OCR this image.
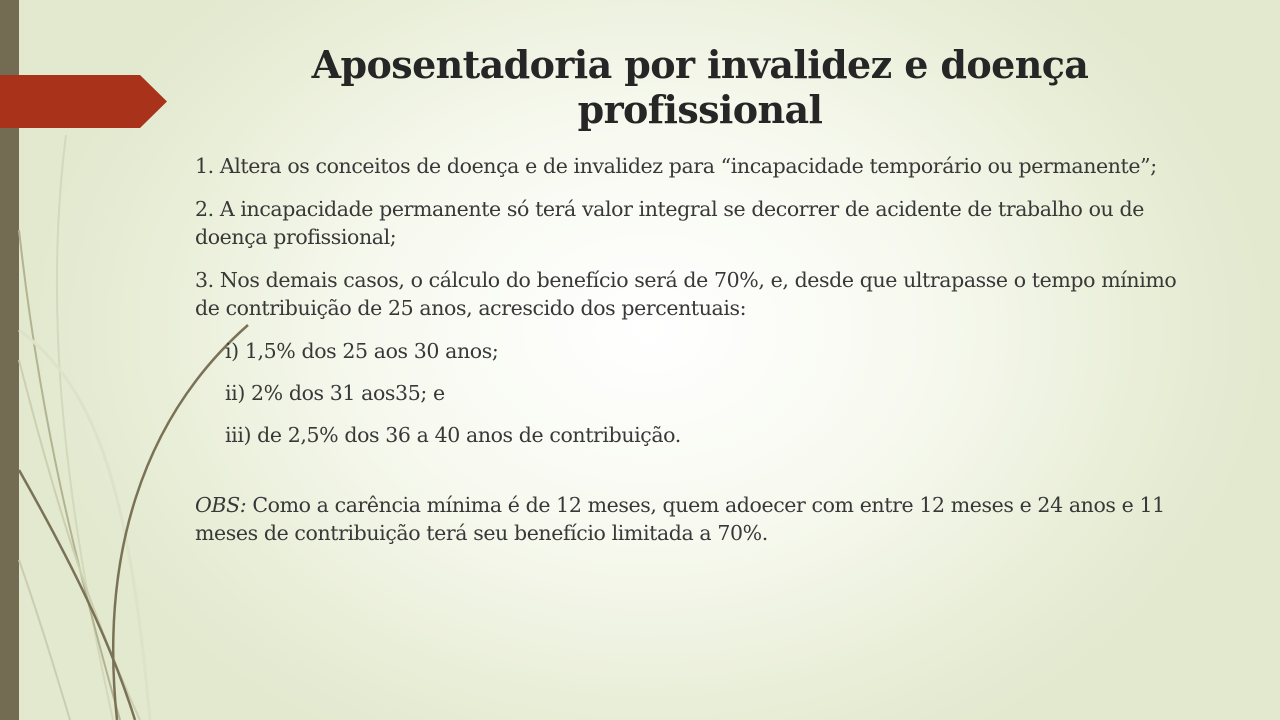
Aposentadoria por invalidez e doença profissional

1. Altera os conceitos de doença e de invalidez para “incapacidade temporário ou permanente”;

2. A incapacidade permanente só terá valor integral se decorrer de acidente de trabalho ou de doença profissional;

3. Nos demais casos, o cálculo do benefício será de 70%, e, desde que ultrapasse o tempo mínimo de contribuição de 25 anos, acrescido dos percentuais:

i) 1,5% dos 25 aos 30 anos;

ii) 2% dos 31 aos35; e

iii) de 2,5% dos 36 a 40 anos de contribuição.

OBS: Como a carência mínima é de 12 meses, quem adoecer com entre 12 meses e 24 anos e 11 meses de contribuição terá seu benefício limitada a 70%.
